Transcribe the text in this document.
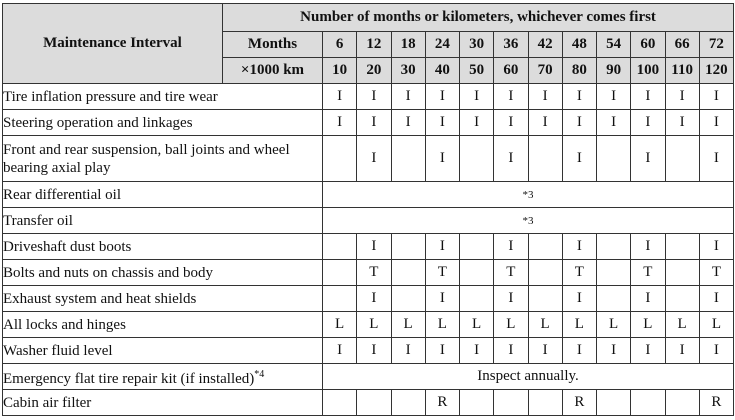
Maintenance Interval	Number of months or kilometers, whichever comes first												
	Months	6	12	18	24	30	36	42	48	54	60	66	72
	×1000 km	10	20	30	40	50	60	70	80	90	100	110	120
Tire inflation pressure and tire wear		I	I	I	I	I	I	I	I	I	I	I	I
Steering operation and linkages		I	I	I	I	I	I	I	I	I	I	I	I
Front and rear suspension, ball joints and wheel bearing axial play			I		I		I		I		I		I
Rear differential oil		*3											
Transfer oil		*3											
Driveshaft dust boots			I		I		I		I		I		I
Bolts and nuts on chassis and body			T		T		T		T		T		T
Exhaust system and heat shields			I		I		I		I		I		I
All locks and hinges		L	L	L	L	L	L	L	L	L	L	L	L
Washer fluid level		I	I	I	I	I	I	I	I	I	I	I	I
Emergency flat tire repair kit (if installed)$^{*4}$		Inspect annually.											
Cabin air filter					R				R				R
